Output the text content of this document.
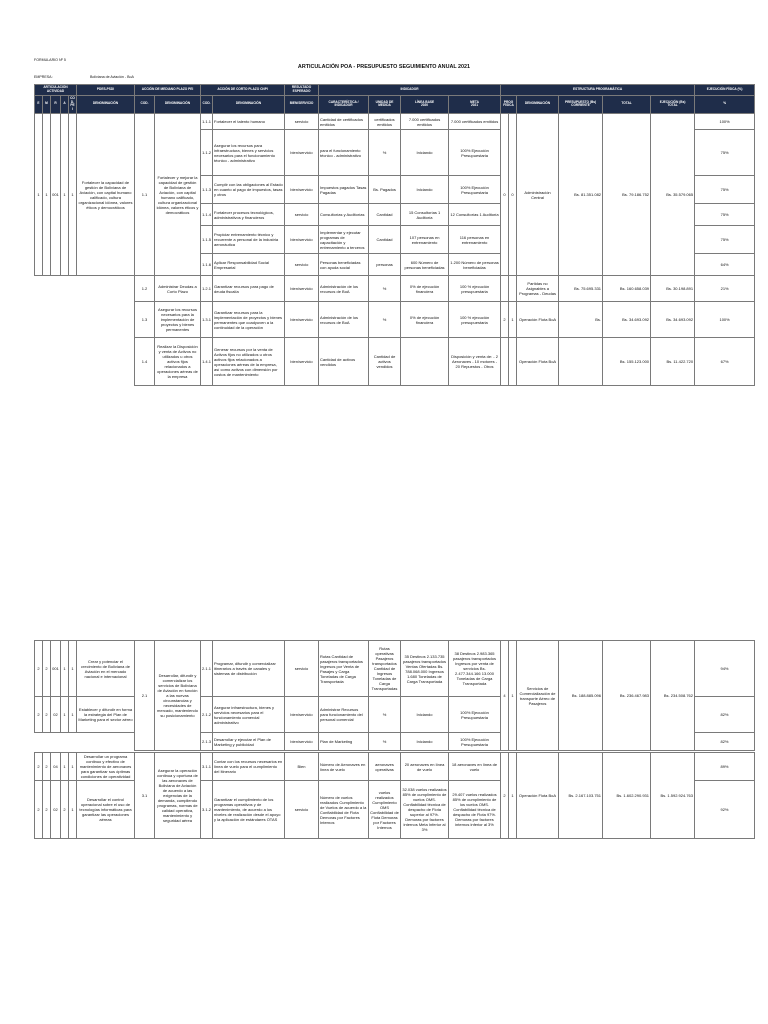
FORMULARIO Nº 5
ARTICULACIÓN POA - PRESUPUESTO SEGUIMIENTO ANUAL 2021
EMPRESA:	Boliviana de Aviación - BoA
ARTICULACIÓN ACTIVIDAD					PDES-PSDI	ACCIÓN DE MEDIANO PLAZO PEI		ACCIÓN DE CORTO PLAZO CNPI		RESULTADO ESPERADO	INDICADOR				ESTRUCTURA PROGRAMÁTICA						EJECUCIÓN FÍSICA (%)
E	M	R	A	COD. PEI	DENOMINACIÓN	COD.	DENOMINACIÓN	COD.	DENOMINACIÓN	BIEN/SERVICIO	CARACTERÍSTICA / INDICADOR	UNIDAD DE MEDIDA	LÍNEA BASE
2020	META
2021	PROG FÍSICA		DENOMINACIÓN	PRESUPUESTO (Bs)
CORRIENTE	TOTAL	EJECUCIÓN (Bs)
TOTAL	%
1	1	001	1	1	Fortalecer la capacidad de gestión de Boliviana de Aviación, con capital humano calificado, cultura organizacional idónea, valores éticos y democráticos	1.1	Fortalecer y mejorar la capacidad de gestión de Boliviana de Aviación, con capital humano calificado, cultura organizacional idónea, valores éticos y democráticos	1.1.1	Fortalecer el talento humano	servicio	Cantidad de certificados emitidos	certificados emitidos	7.000 certificados emitidos	7.000 certificados emitidos	0	0	Administración Central	Bs. 81.351.082	Bs. 79.186.752	Bs. 35.579.065	100%
								1.1.2	Asegurar los recursos para infraestructura, bienes y servicios necesarios para el funcionamiento técnico - administrativo	bien/servicio	para el funcionamiento técnico - administrativo	%	Iniciando	100% Ejecución Presupuestaria							75%
								1.1.3	Cumplir con las obligaciones al Estado en cuanto al pago de impuestos, tasas y otros	bien/servicio	Impuestos pagados Tasas Pagadas	Bs. Pagados	Iniciando	100% Ejecución Presupuestaria							75%
								1.1.4	Fortalecer procesos tecnológicos, administrativos y financieros	servicio	Consultorías y Auditorías	Cantidad	15 Consultorías 1 Auditoría	12 Consultorías 1 Auditoría							75%
								1.1.5	Propiciar entrenamiento técnico y recurrente a personal de la industria aeronáutica	bien/servicio	Implementar y ejecutar programas de capacitación y entrenamiento a terceros	Cantidad	107 personas en entrenamiento	116 personas en entrenamiento							75%
								1.1.6	Aplicar Responsabilidad Social Empresarial	servicio	Personas beneficiadas con ayuda social	personas	600 Número de personas beneficiadas	1.200 Número de personas beneficiadas							64%
						1.2	Administrar Deudas a Corto Plazo	1.2.1	Garantizar recursos para pago de deuda fiscalía	bien/servicio	Administración de los recursos de BoA	%	0% de ejecución financiera	100 % ejecución presupuestaria			Partidas no Asignables a Programas - Deudas	Bs. 75.695.331	Bs. 160.658.039	Bs. 30.198.891	21%
						1.3	Asegurar los recursos necesarios para la implementación de proyectos y bienes permanentes	1.3.1	Garantizar recursos para la implementación de proyectos y bienes permanentes que coadyuven a la continuidad de la operación	bien/servicio	Administración de los recursos de BoA	%	0% de ejecución financiera	100 % ejecución presupuestaria	2	1	Operación Flota BoA	Bs.	Bs. 34.693.092	Bs. 34.693.092	100%
						1.4	Realizar la Disposición y venta de Activos no utilizados u otros activos fijos relacionados a operaciones aéreas de la empresa	1.4.1	Generar recursos por la venta de Activos fijos no utilizados u otros activos fijos relacionados a operaciones aéreas de la empresa, así como activos con dimensión por costos de mantenimiento	bien/servicio	Cantidad de activos vendidos	Cantidad de activos vendidos		Disposición y venta de: - 2 Aeronaves - 10 motores - 20 Repuestos - Otros			Operación Flota BoA		Bs. 155.123.000	Bs. 11.422.720	67%
2	2	001	1	1	Crear y potenciar el crecimiento de Boliviana de Aviación en el mercado nacional e internacional	2.1	Desarrollar, difundir y comercializar los servicios de Boliviana de Aviación en función a las nuevas circunstancias y necesidades de mercado, manteniendo su posicionamiento	2.1.1	Programar, difundir y comercializar itinerarios a través de canales y sistemas de distribución	servicio	Rutas Cantidad de pasajeros transportados Ingresos por Venta de Pasajes y Carga Toneladas de Carga Transportada	Rutas operativas Pasajeros transportados Cantidad de Ingresos Toneladas de Carga Transportadas	35 Destinos 2.133.735 pasajeros transportados Ventas Ofertadas Bs. 788.068.000 Ingresos 1.680 Toneladas de Carga Transportada	38 Destinos 2.983.365 pasajeros transportados Ingresos por venta de servicios Bs. 2.477.344.166 13.000 Toneladas de Carga Transportada	4	1	Servicios de Comercialización de transporte Aéreo de Pasajeros	Bs. 188.885.096	Bs. 236.467.983	Bs. 234.508.762	94%
2	2	02	1	1	Establecer y difundir en forma la estrategia del Plan de Marketing para el sector aéreo			2.1.2	Asegurar infraestructura, bienes y servicios necesarios para el funcionamiento comercial administrativo	bien/servicio	Administrar Recursos para funcionamiento del personal comercial	%	Iniciando	100% Ejecución Presupuestaria							82%
								2.1.3	Desarrollar y ejecutar el Plan de Marketing y publicidad	bien/servicio	Plan de Marketing	%	Iniciando	100% Ejecución Presupuestaria							82%
2	2	04	1	1	Desarrollar un programa continuo y efectivo de mantenimiento de aeronaves para garantizar sus óptimas condiciones de operatividad	3.1	Asegurar la operación continua y oportuna de las aeronaves de Boliviana de Aviación de acuerdo a las exigencias de la demanda, cumpliendo programas, normas de calidad operativa, mantenimiento y seguridad aérea	3.1.1	Contar con los recursos necesarios en línea de vuelo para el cumplimiento del Itinerario	Bien	Número de Aeronaves en línea de vuelo	aeronaves operativas	20 aeronaves en línea de vuelo	18 aeronaves en línea de vuelo	2	1	Operación Flota BoA	Bs. 2.167.103.751	Bs. 1.602.290.931	Bs. 1.592.924.763	89%
2	2	02	2	1	Desarrollar el control operacional sobre el uso de tecnologías informáticas para garantizar las operaciones aéreas			3.1.2	Garantizar el cumplimiento de los programas operativos y de mantenimiento, de acuerdo a los niveles de realización desde el apoyo y la aplicación de estándares OTAS	servicio	Número de vuelos realizados Cumplimiento de Vuelos de acuerdo a la Confiabilidad de Flota Demoras por Factores Internos	vuelos realizados Cumplimiento OMS Confiabilidad de Flota Demoras por Factores Internos	32.038 vuelos realizados 85% de cumplimiento de vuelos OMS. Confiabilidad técnica de despacho de Flota superior al 97%. Demoras por factores internos Meta Inferior al 3%	29.407 vuelos realizados 85% de cumplimiento de los vuelos OMS. Confiabilidad técnica de despacho de Flota 97%. Demoras por factores internos inferior al 3%							92%
